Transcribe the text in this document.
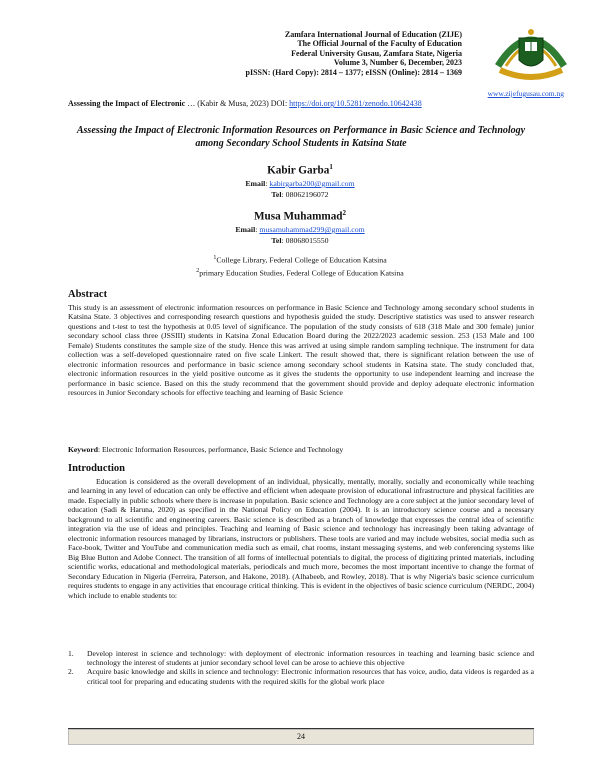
Zamfara International Journal of Education (ZIJE)
The Official Journal of the Faculty of Education
Federal University Gusau, Zamfara State, Nigeria
Volume 3, Number 6, December, 2023
pISSN: (Hard Copy): 2814 – 1377; eISSN (Online): 2814 – 1369
www.zijefugusau.com.ng
Assessing the Impact of Electronic … (Kabir & Musa, 2023) DOI: https://doi.org/10.5281/zenodo.10642438
Assessing the Impact of Electronic Information Resources on Performance in Basic Science and Technology among Secondary School Students in Katsina State
Kabir Garba$^1$
Email: kabirgarba200@gmail.com
Tel: 08062196072
Musa Muhammad$^2$
Email: musamuhammad299@gmail.com
Tel: 08068015550
$^1$College Library, Federal College of Education Katsina
$^2$primary Education Studies, Federal College of Education Katsina
Abstract
This study is an assessment of electronic information resources on performance in Basic Science and Technology among secondary school students in Katsina State. 3 objectives and corresponding research questions and hypothesis guided the study. Descriptive statistics was used to answer research questions and t-test to test the hypothesis at 0.05 level of significance. The population of the study consists of 618 (318 Male and 300 female) junior secondary school class three (JSSIII) students in Katsina Zonal Education Board during the 2022/2023 academic session. 253 (153 Male and 100 Female) Students constitutes the sample size of the study. Hence this was arrived at using simple random sampling technique. The instrument for data collection was a self-developed questionnaire rated on five scale Linkert. The result showed that, there is significant relation between the use of electronic information resources and performance in basic science among secondary school students in Katsina state. The study concluded that, electronic information resources in the yield positive outcome as it gives the students the opportunity to use independent learning and increase the performance in basic science. Based on this the study recommend that the government should provide and deploy adequate electronic information resources in Junior Secondary schools for effective teaching and learning of Basic Science
Keyword: Electronic Information Resources, performance, Basic Science and Technology
Introduction
Education is considered as the overall development of an individual, physically, mentally, morally, socially and economically while teaching and learning in any level of education can only be effective and efficient when adequate provision of educational infrastructure and physical facilities are made. Especially in public schools where there is increase in population. Basic science and Technology are a core subject at the junior secondary level of education (Sadi & Haruna, 2020) as specified in the National Policy on Education (2004). It is an introductory science course and a necessary background to all scientific and engineering careers. Basic science is described as a branch of knowledge that expresses the central idea of scientific integration via the use of ideas and principles. Teaching and learning of Basic science and technology has increasingly been taking advantage of electronic information resources managed by librarians, instructors or publishers. These tools are varied and may include websites, social media such as Face-book, Twitter and YouTube and communication media such as email, chat rooms, instant messaging systems, and web conferencing systems like Big Blue Button and Adobe Connect. The transition of all forms of intellectual potentials to digital, the process of digitizing printed materials, including scientific works, educational and methodological materials, periodicals and much more, becomes the most important incentive to change the format of Secondary Education in Nigeria (Ferreira, Paterson, and Hakone, 2018). (Alhabeeb, and Rowley, 2018). That is why Nigeria's basic science curriculum requires students to engage in any activities that encourage critical thinking. This is evident in the objectives of basic science curriculum (NERDC, 2004) which include to enable students to:
1. Develop interest in science and technology: with deployment of electronic information resources in teaching and learning basic science and technology the interest of students at junior secondary school level can be arose to achieve this objective
2. Acquire basic knowledge and skills in science and technology: Electronic information resources that has voice, audio, data videos is regarded as a critical tool for preparing and educating students with the required skills for the global work place
24
